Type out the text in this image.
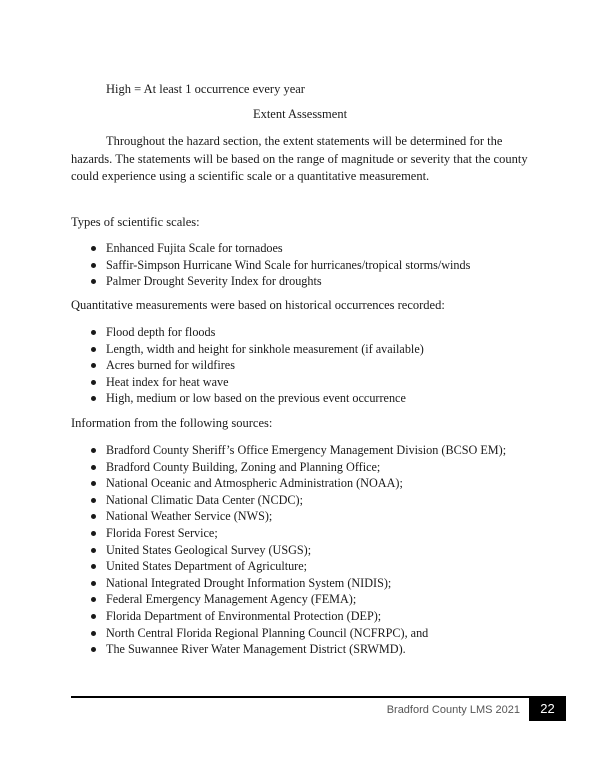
High = At least 1 occurrence every year
Extent Assessment

Throughout the hazard section, the extent statements will be determined for the hazards. The statements will be based on the range of magnitude or severity that the county could experience using a scientific scale or a quantitative measurement.

Types of scientific scales:
Enhanced Fujita Scale for tornadoes
Saffir-Simpson Hurricane Wind Scale for hurricanes/tropical storms/winds
Palmer Drought Severity Index for droughts
Quantitative measurements were based on historical occurrences recorded:
Flood depth for floods
Length, width and height for sinkhole measurement (if available)
Acres burned for wildfires
Heat index for heat wave
High, medium or low based on the previous event occurrence
Information from the following sources:
Bradford County Sheriff’s Office Emergency Management Division (BCSO EM);
Bradford County Building, Zoning and Planning Office;
National Oceanic and Atmospheric Administration (NOAA);
National Climatic Data Center (NCDC);
National Weather Service (NWS);
Florida Forest Service;
United States Geological Survey (USGS);
United States Department of Agriculture;
National Integrated Drought Information System (NIDIS);
Federal Emergency Management Agency (FEMA);
Florida Department of Environmental Protection (DEP);
North Central Florida Regional Planning Council (NCFRPC), and
The Suwannee River Water Management District (SRWMD).
Bradford County LMS 2021	22
